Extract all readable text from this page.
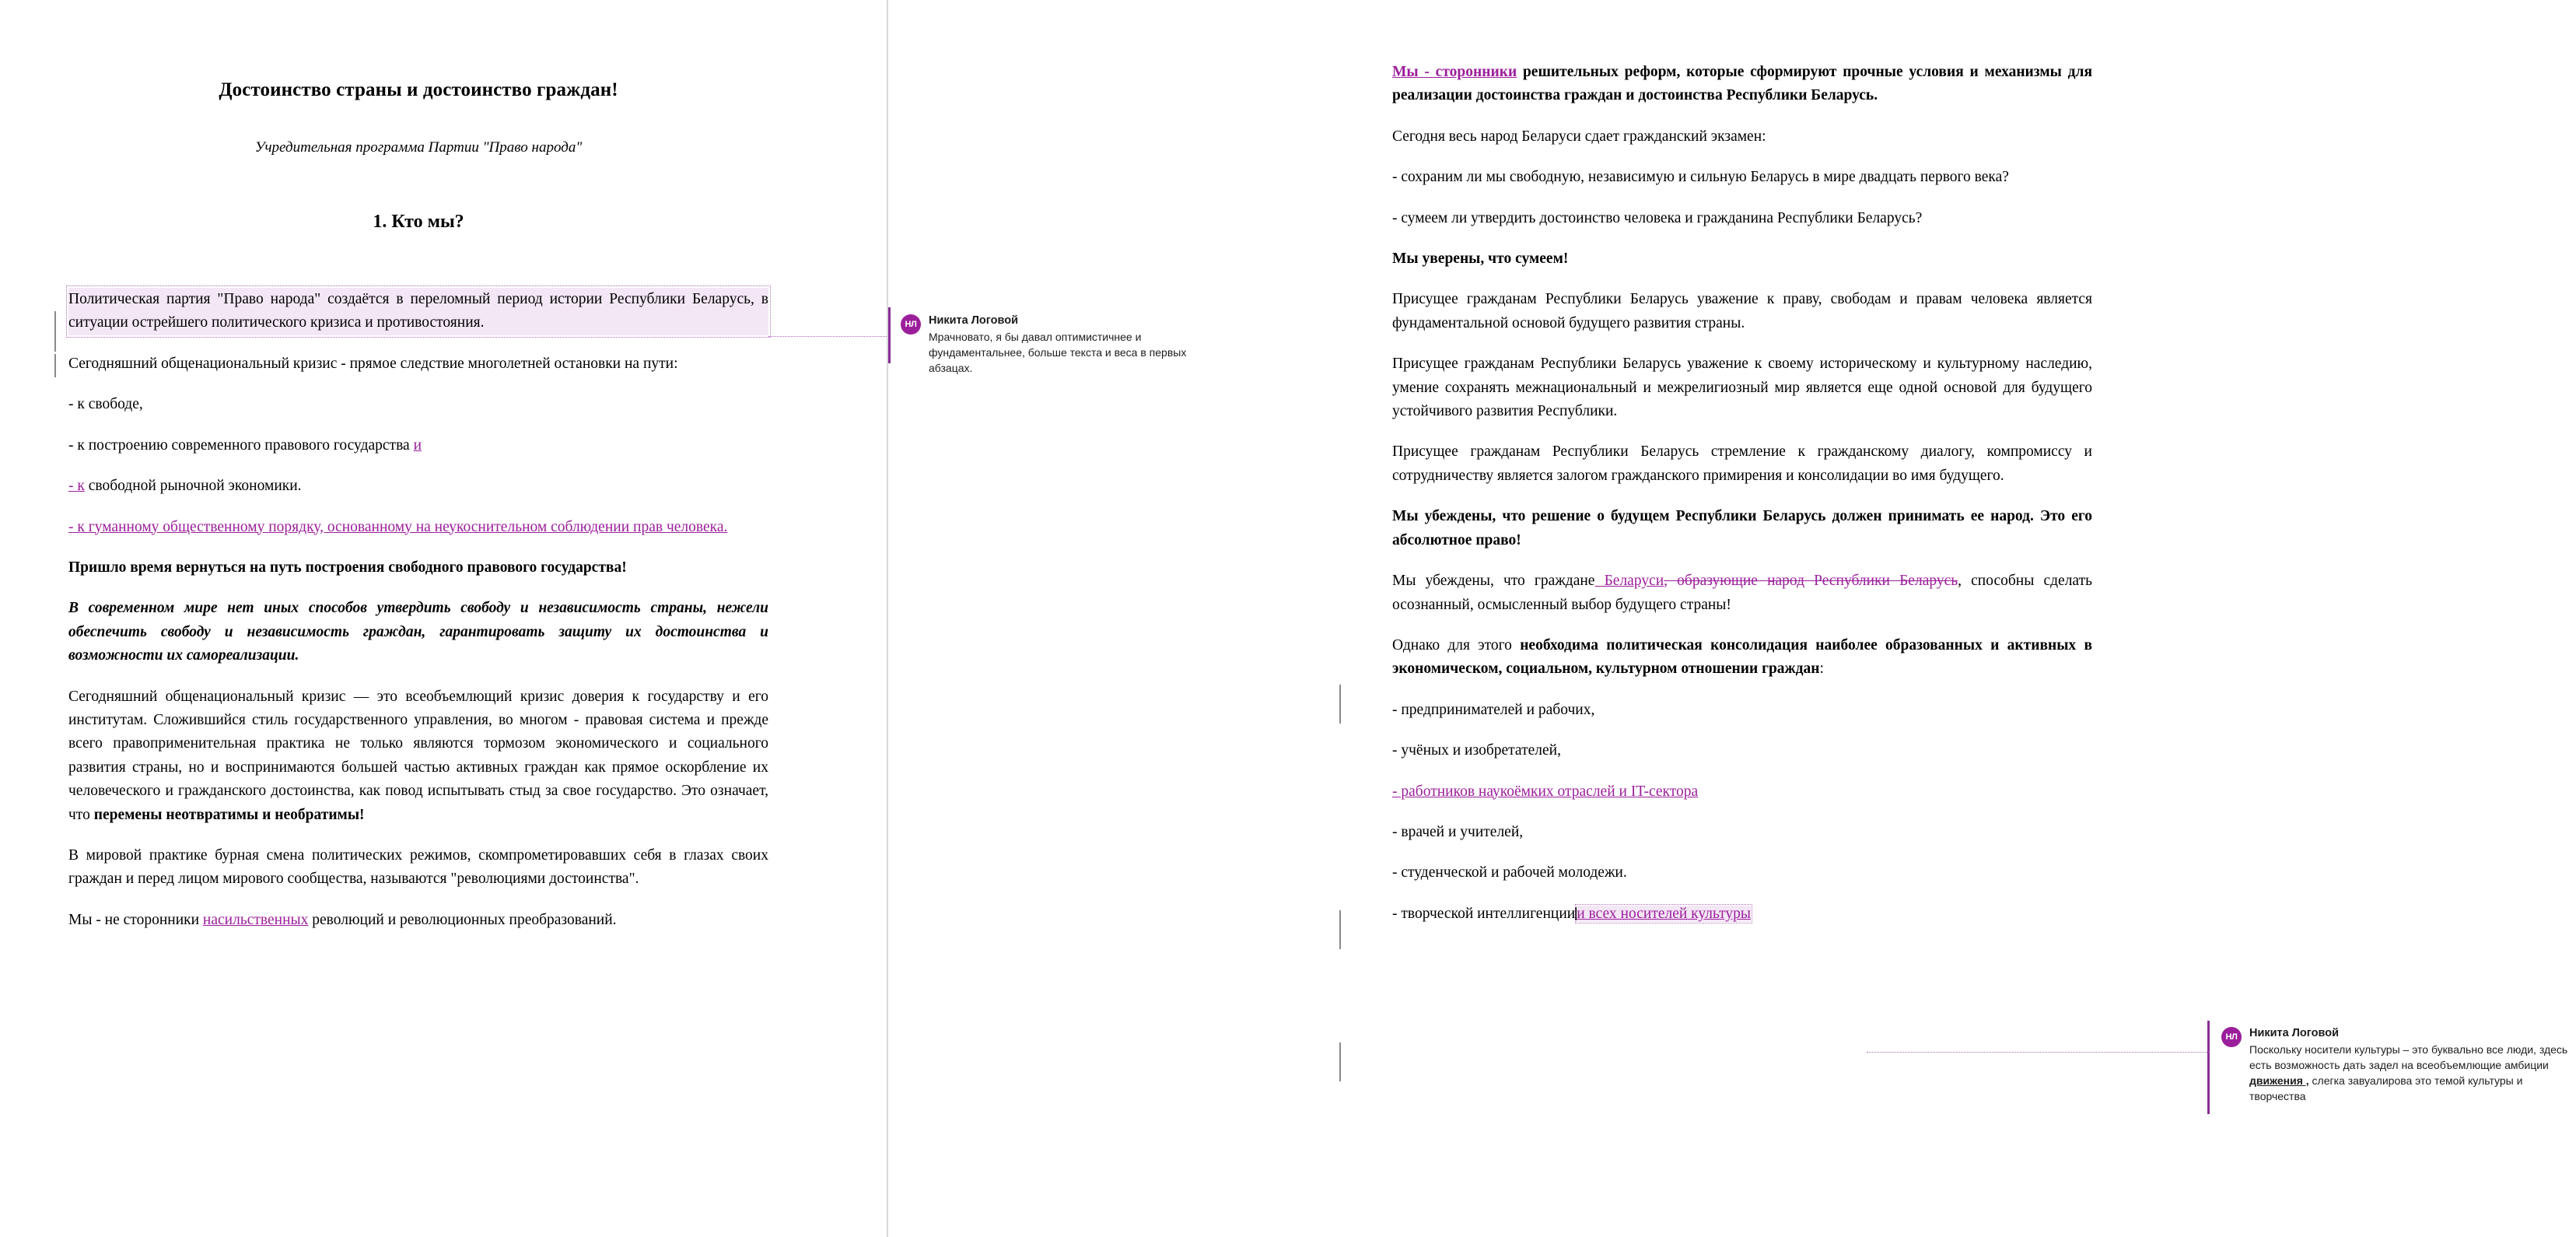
Достоинство страны и достоинство граждан!
Учредительная программа Партии "Право народа"
1. Кто мы?

Политическая партия "Право народа" создаётся в переломный период истории Республики Беларусь, в ситуации острейшего политического кризиса и противостояния.

Сегодняшний общенациональный кризис - прямое следствие многолетней остановки на пути:

- к свободе,

- к построению современного правового государства и

- к свободной рыночной экономики.

- к гуманному общественному порядку, основанному на неукоснительном соблюдении прав человека.

Пришло время вернуться на путь построения свободного правового государства!

В современном мире нет иных способов утвердить свободу и независимость страны, нежели обеспечить свободу и независимость граждан, гарантировать защиту их достоинства и возможности их самореализации.

Сегодняшний общенациональный кризис — это всеобъемлющий кризис доверия к государству и его институтам. Сложившийся стиль государственного управления, во многом - правовая система и прежде всего правоприменительная практика не только являются тормозом экономического и социального развития страны, но и воспринимаются большей частью активных граждан как прямое оскорбление их человеческого и гражданского достоинства, как повод испытывать стыд за свое государство. Это означает, что перемены неотвратимы и необратимы!

В мировой практике бурная смена политических режимов, скомпрометировавших себя в глазах своих граждан и перед лицом мирового сообщества, называются "революциями достоинства".

Мы - не сторонники насильственных революций и революционных преобразований.

Мы - сторонники решительных реформ, которые сформируют прочные условия и механизмы для реализации достоинства граждан и достоинства Республики Беларусь.

Сегодня весь народ Беларуси сдает гражданский экзамен:

- сохраним ли мы свободную, независимую и сильную Беларусь в мире двадцать первого века?

- сумеем ли утвердить достоинство человека и гражданина Республики Беларусь?

Мы уверены, что сумеем!

Присущее гражданам Республики Беларусь уважение к праву, свободам и правам человека является фундаментальной основой будущего развития страны.

Присущее гражданам Республики Беларусь уважение к своему историческому и культурному наследию, умение сохранять межнациональный и межрелигиозный мир является еще одной основой для будущего устойчивого развития Республики.

Присущее гражданам Республики Беларусь стремление к гражданскому диалогу, компромиссу и сотрудничеству является залогом гражданского примирения и консолидации во имя будущего.

Мы убеждены, что решение о будущем Республики Беларусь должен принимать ее народ. Это его абсолютное право!

Мы убеждены, что граждане Беларуси, образующие народ Республики Беларусь, способны сделать осознанный, осмысленный выбор будущего страны!

Однако для этого необходима политическая консолидация наиболее образованных и активных в экономическом, социальном, культурном отношении граждан:

- предпринимателей и рабочих,

- учёных и изобретателей,

- работников наукоёмких отраслей и IT-сектора

- врачей и учителей,

- студенческой и рабочей молодежи.

- творческой интеллигенции и всех носителей культуры

НЛ	Никита Логовой
Мрачновато, я бы давал оптимистичнее и фундаментальнее, больше текста и веса в первых абзацах.
НЛ	Никита Логовой
Поскольку носители культуры – это буквально все люди, здесь есть возможность дать задел на всеобъемлющие амбиции движения , слегка завуалирова это темой культуры и творчества
